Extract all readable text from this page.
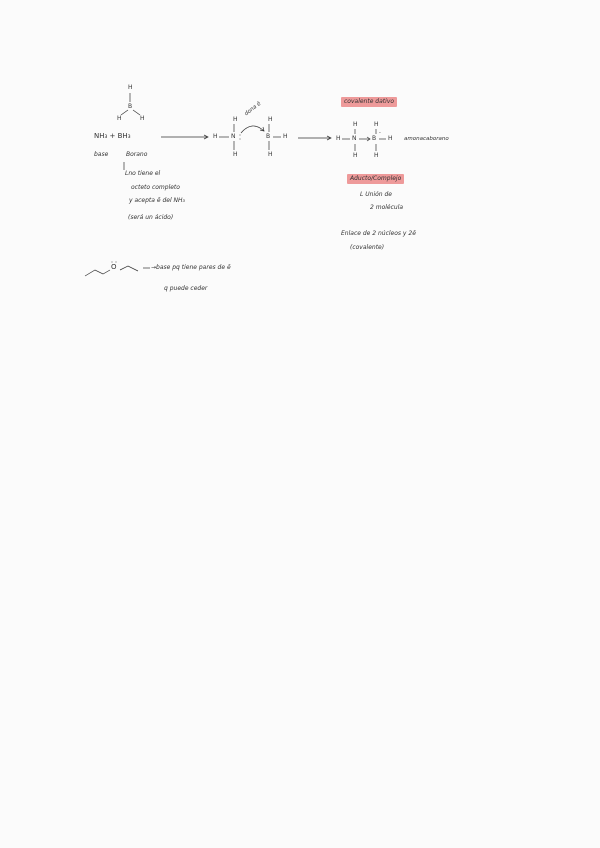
H
B
H	H
NH₃ + BH₃
base	Borano
Lno tiene el
octeto completo
y acepta ē del NH₃
(será un ácido)
H N
H
H
B
H
H
H
dona ē
H N
H
H
B
-
H
H
H
amonacaborano
covalente dativo
Aducto/Complejo
L Unión de
2 molécula
Enlace de 2 núcleos y 2ē
(covalente)
O	→base pq tiene pares de ē
q puede ceder
